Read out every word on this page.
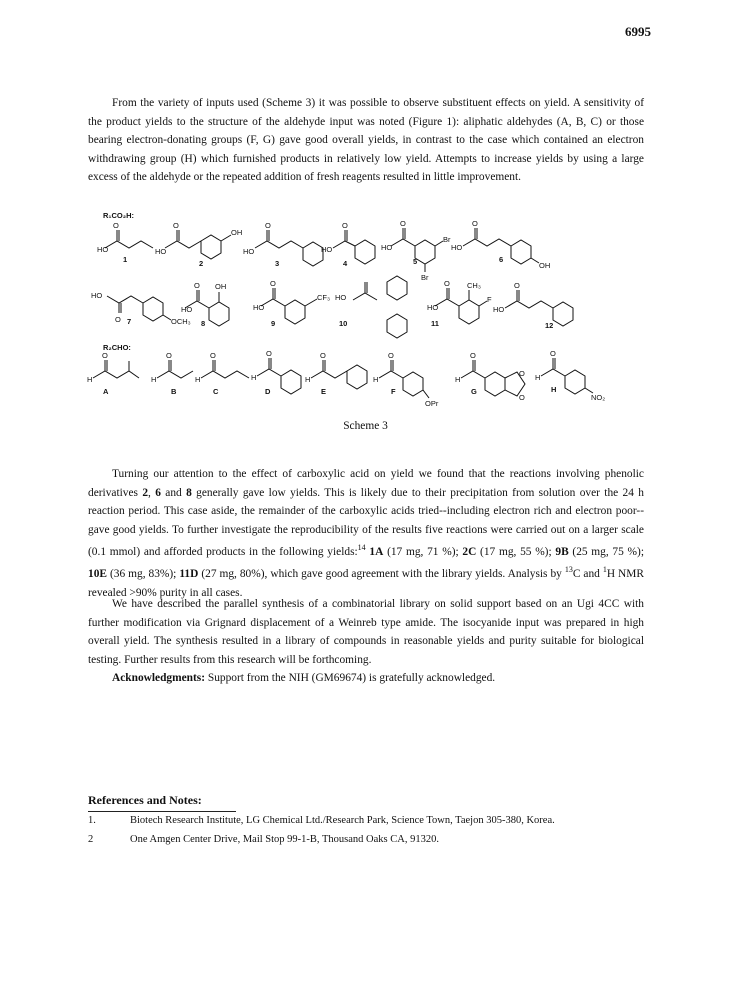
6995

From the variety of inputs used (Scheme 3) it was possible to observe substituent effects on yield. A sensitivity of the product yields to the structure of the aldehyde input was noted (Figure 1): aliphatic aldehydes (A, B, C) or those bearing electron-donating groups (F, G) gave good overall yields, in contrast to the case which contained an electron withdrawing group (H) which furnished products in relatively low yield. Attempts to increase yields by using a large excess of the aldehyde or the repeated addition of fresh reagents resulted in little improvement.

HO
O
HO
O
OH
HO
O
HO
O
HO
O
Br
Br
HO
O
OH
HO
O	OCH₃
HO
O OH
HO
O
CF₃ HO
HO
O CH₃
F
HO
O
H
O
H
O
H
O
H
O
H
O
H
O
OPr
H
O
O
O
H
O
NO₂
R₁CO₂H:
R₂CHO:
1	2	3	4	5	6
7	8	9	10	11	12
A	B	C	D	E	F	G	H
Scheme 3

Turning our attention to the effect of carboxylic acid on yield we found that the reactions involving phenolic derivatives 2, 6 and 8 generally gave low yields. This is likely due to their precipitation from solution over the 24 h reaction period. This case aside, the remainder of the carboxylic acids tried--including electron rich and electron poor--gave good yields. To further investigate the reproducibility of the results five reactions were carried out on a larger scale (0.1 mmol) and afforded products in the following yields:$^{14}$ 1A (17 mg, 71 %); 2C (17 mg, 55 %); 9B (25 mg, 75 %); 10E (36 mg, 83%); 11D (27 mg, 80%), which gave good agreement with the library yields. Analysis by $^{13}$C and $^1$H NMR revealed >90% purity in all cases.

We have described the parallel synthesis of a combinatorial library on solid support based on an Ugi 4CC with further modification via Grignard displacement of a Weinreb type amide. The isocyanide input was prepared in high overall yield. The synthesis resulted in a library of compounds in reasonable yields and purity suitable for biological testing. Further results from this research will be forthcoming.

Acknowledgments: Support from the NIH (GM69674) is gratefully acknowledged.

References and Notes:
1.	Biotech Research Institute, LG Chemical Ltd./Research Park, Science Town, Taejon 305-380, Korea.
2	One Amgen Center Drive, Mail Stop 99-1-B, Thousand Oaks CA, 91320.
